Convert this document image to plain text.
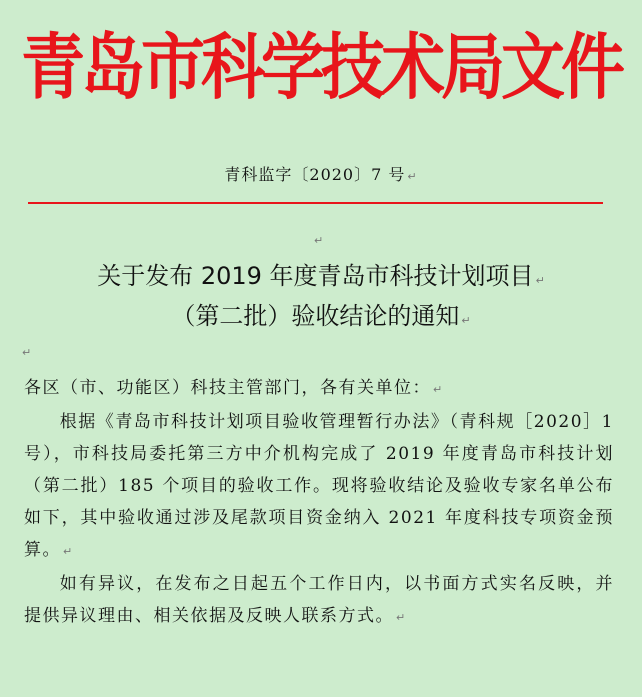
青岛市科学技术局文件
青科监字〔2020〕7 号 ↵
↵
关于发布 2019 年度青岛市科技计划项目 ↵
（第二批）验收结论的通知 ↵
↵

各区（市、功能区）科技主管部门，各有关单位： ↵

根据《青岛市科技计划项目验收管理暂行办法》（青科规［2020］1 号），市科技局委托第三方中介机构完成了 2019 年度青岛市科技计划（第二批）185 个项目的验收工作。现将验收结论及验收专家名单公布如下，其中验收通过涉及尾款项目资金纳入 2021 年度科技专项资金预算。 ↵

如有异议，在发布之日起五个工作日内，以书面方式实名反映，并提供异议理由、相关依据及反映人联系方式。 ↵
